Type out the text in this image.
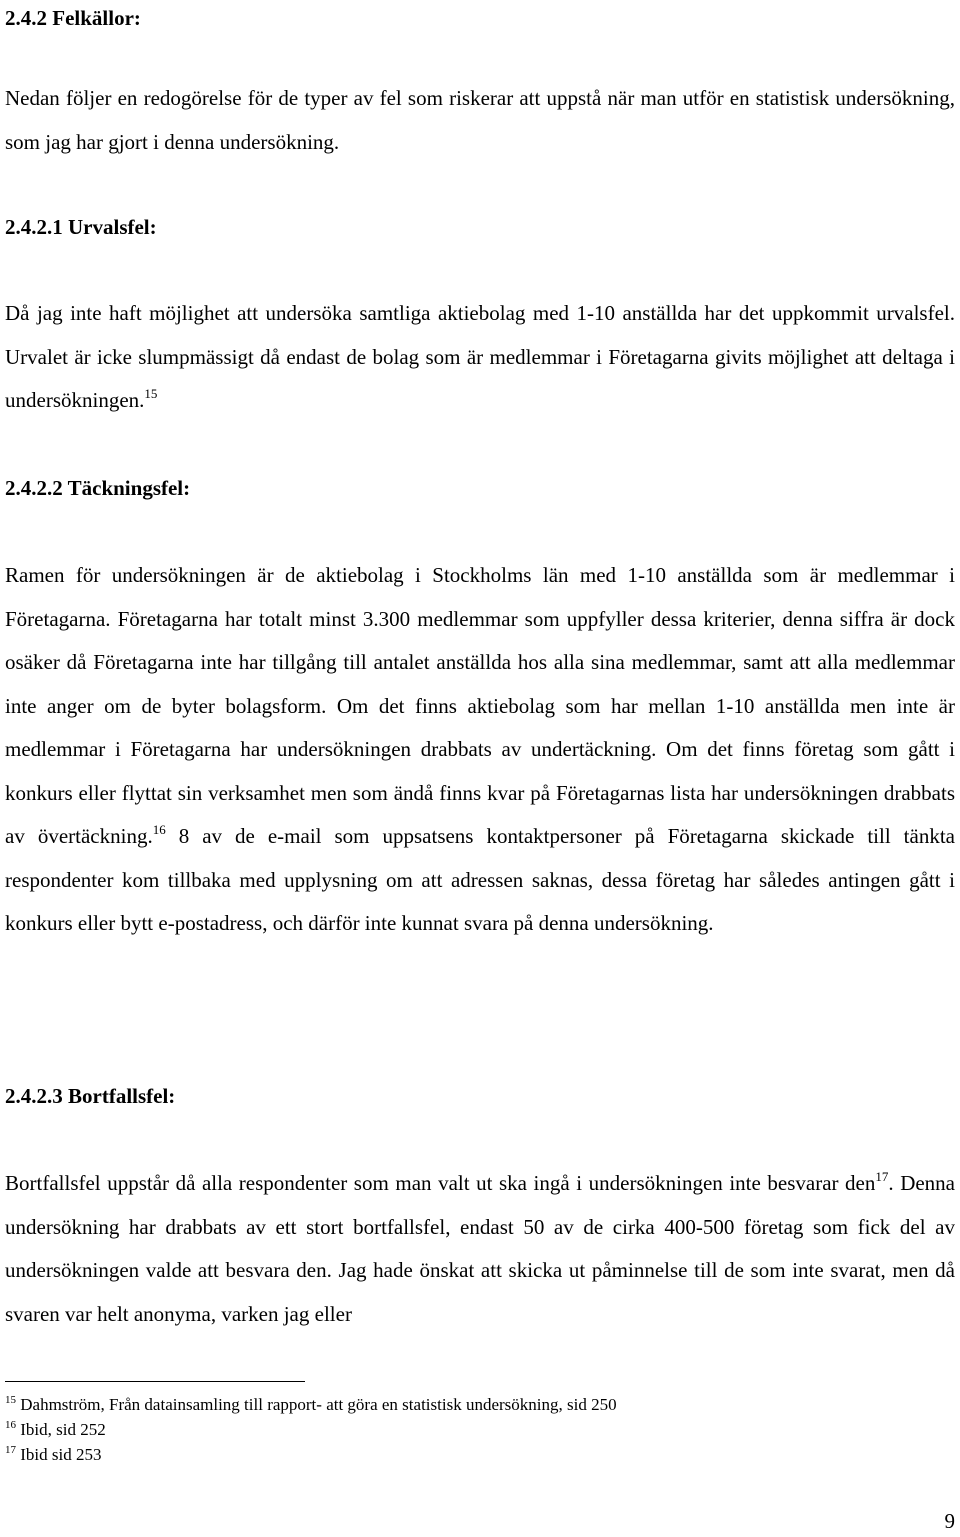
2.4.2 Felkällor:

Nedan följer en redogörelse för de typer av fel som riskerar att uppstå när man utför en statistisk undersökning, som jag har gjort i denna undersökning.

2.4.2.1 Urvalsfel:

Då jag inte haft möjlighet att undersöka samtliga aktiebolag med 1-10 anställda har det uppkommit urvalsfel. Urvalet är icke slumpmässigt då endast de bolag som är medlemmar i Företagarna givits möjlighet att deltaga i undersökningen.$^{15}$

2.4.2.2 Täckningsfel:

Ramen för undersökningen är de aktiebolag i Stockholms län med 1-10 anställda som är medlemmar i Företagarna. Företagarna har totalt minst 3.300 medlemmar som uppfyller dessa kriterier, denna siffra är dock osäker då Företagarna inte har tillgång till antalet anställda hos alla sina medlemmar, samt att alla medlemmar inte anger om de byter bolagsform. Om det finns aktiebolag som har mellan 1-10 anställda men inte är medlemmar i Företagarna har undersökningen drabbats av undertäckning. Om det finns företag som gått i konkurs eller flyttat sin verksamhet men som ändå finns kvar på Företagarnas lista har undersökningen drabbats av övertäckning.$^{16}$ 8 av de e-mail som uppsatsens kontaktpersoner på Företagarna skickade till tänkta respondenter kom tillbaka med upplysning om att adressen saknas, dessa företag har således antingen gått i konkurs eller bytt e-postadress, och därför inte kunnat svara på denna undersökning.

2.4.2.3 Bortfallsfel:

Bortfallsfel uppstår då alla respondenter som man valt ut ska ingå i undersökningen inte besvarar den$^{17}$. Denna undersökning har drabbats av ett stort bortfallsfel, endast 50 av de cirka 400-500 företag som fick del av undersökningen valde att besvara den. Jag hade önskat att skicka ut påminnelse till de som inte svarat, men då svaren var helt anonyma, varken jag eller

$^{15}$ Dahmström, Från datainsamling till rapport- att göra en statistisk undersökning, sid 250
$^{16}$ Ibid, sid 252
$^{17}$ Ibid sid 253
9
